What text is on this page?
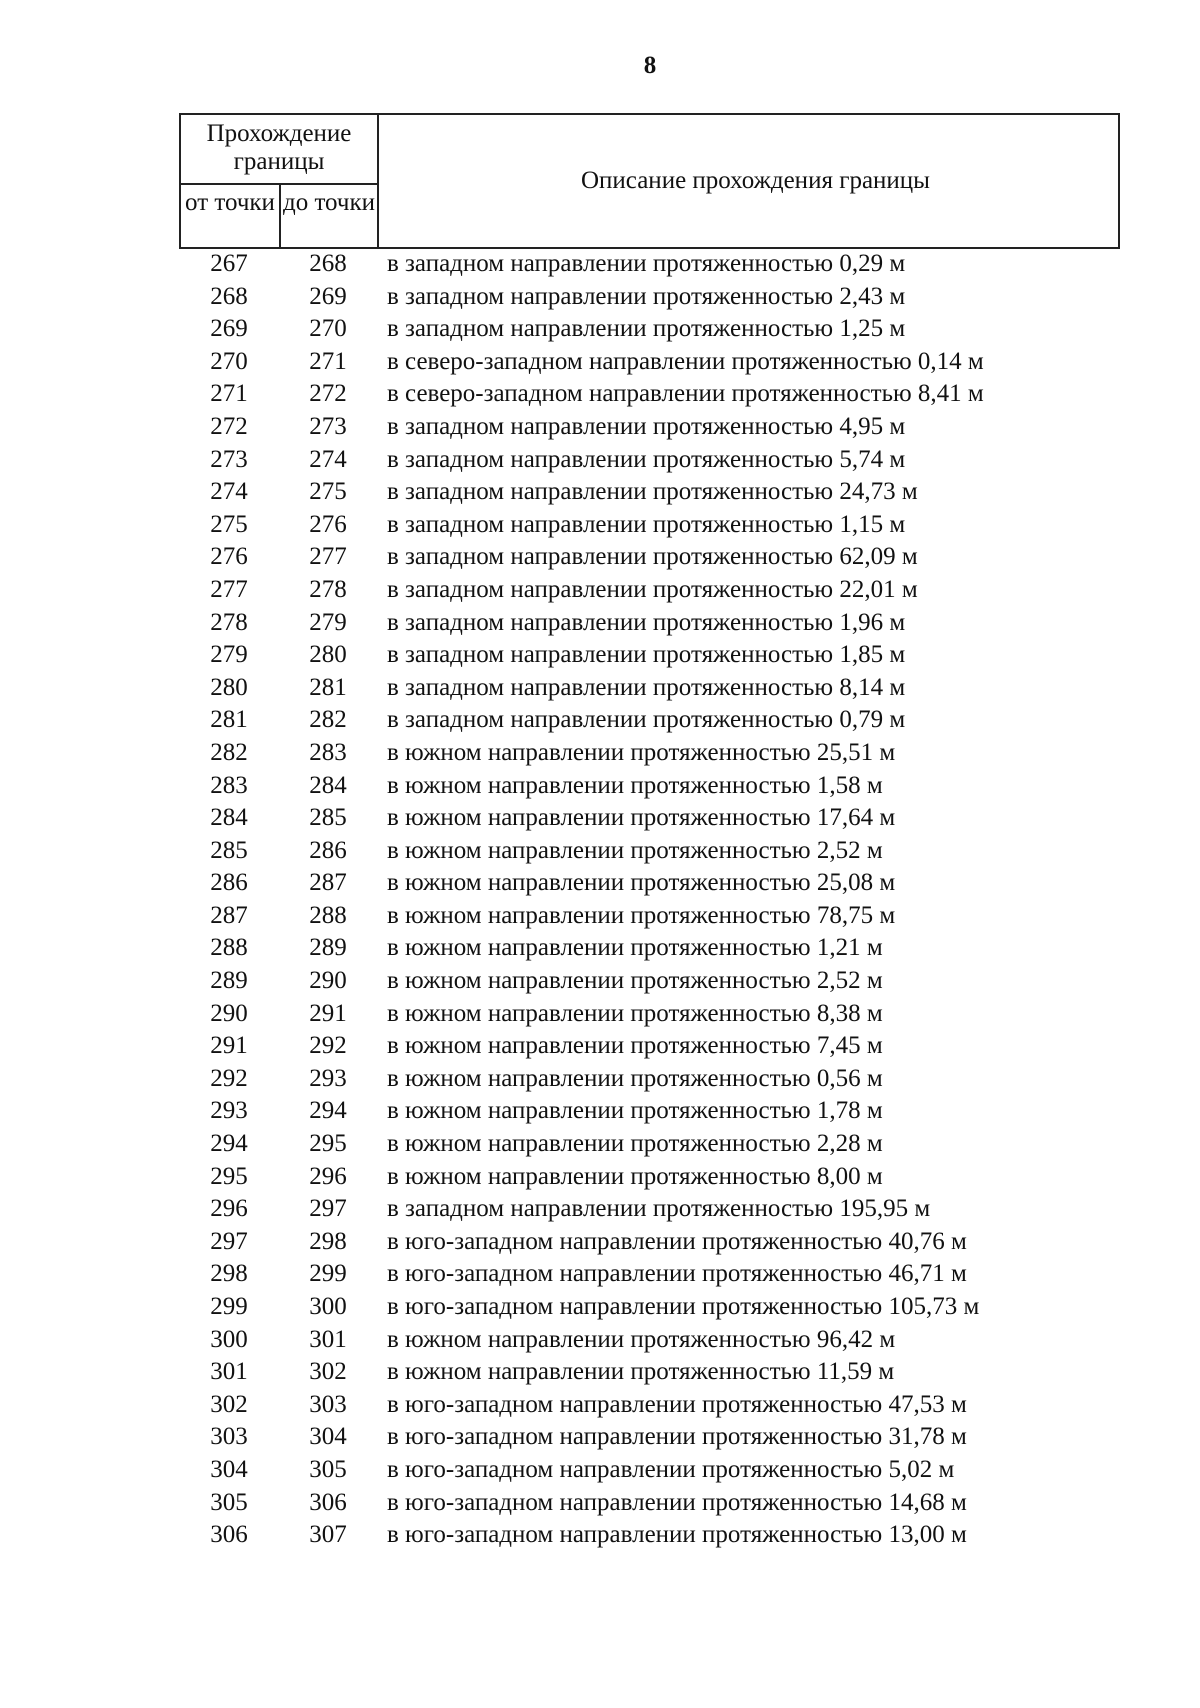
8
Прохождение границы
от точки до точки
Описание прохождения границы
267	268	в западном направлении протяженностью 0,29 м
268	269	в западном направлении протяженностью 2,43 м
269	270	в западном направлении протяженностью 1,25 м
270	271	в северо-западном направлении протяженностью 0,14 м
271	272	в северо-западном направлении протяженностью 8,41 м
272	273	в западном направлении протяженностью 4,95 м
273	274	в западном направлении протяженностью 5,74 м
274	275	в западном направлении протяженностью 24,73 м
275	276	в западном направлении протяженностью 1,15 м
276	277	в западном направлении протяженностью 62,09 м
277	278	в западном направлении протяженностью 22,01 м
278	279	в западном направлении протяженностью 1,96 м
279	280	в западном направлении протяженностью 1,85 м
280	281	в западном направлении протяженностью 8,14 м
281	282	в западном направлении протяженностью 0,79 м
282	283	в южном направлении протяженностью 25,51 м
283	284	в южном направлении протяженностью 1,58 м
284	285	в южном направлении протяженностью 17,64 м
285	286	в южном направлении протяженностью 2,52 м
286	287	в южном направлении протяженностью 25,08 м
287	288	в южном направлении протяженностью 78,75 м
288	289	в южном направлении протяженностью 1,21 м
289	290	в южном направлении протяженностью 2,52 м
290	291	в южном направлении протяженностью 8,38 м
291	292	в южном направлении протяженностью 7,45 м
292	293	в южном направлении протяженностью 0,56 м
293	294	в южном направлении протяженностью 1,78 м
294	295	в южном направлении протяженностью 2,28 м
295	296	в южном направлении протяженностью 8,00 м
296	297	в западном направлении протяженностью 195,95 м
297	298	в юго-западном направлении протяженностью 40,76 м
298	299	в юго-западном направлении протяженностью 46,71 м
299	300	в юго-западном направлении протяженностью 105,73 м
300	301	в южном направлении протяженностью 96,42 м
301	302	в южном направлении протяженностью 11,59 м
302	303	в юго-западном направлении протяженностью 47,53 м
303	304	в юго-западном направлении протяженностью 31,78 м
304	305	в юго-западном направлении протяженностью 5,02 м
305	306	в юго-западном направлении протяженностью 14,68 м
306	307	в юго-западном направлении протяженностью 13,00 м
